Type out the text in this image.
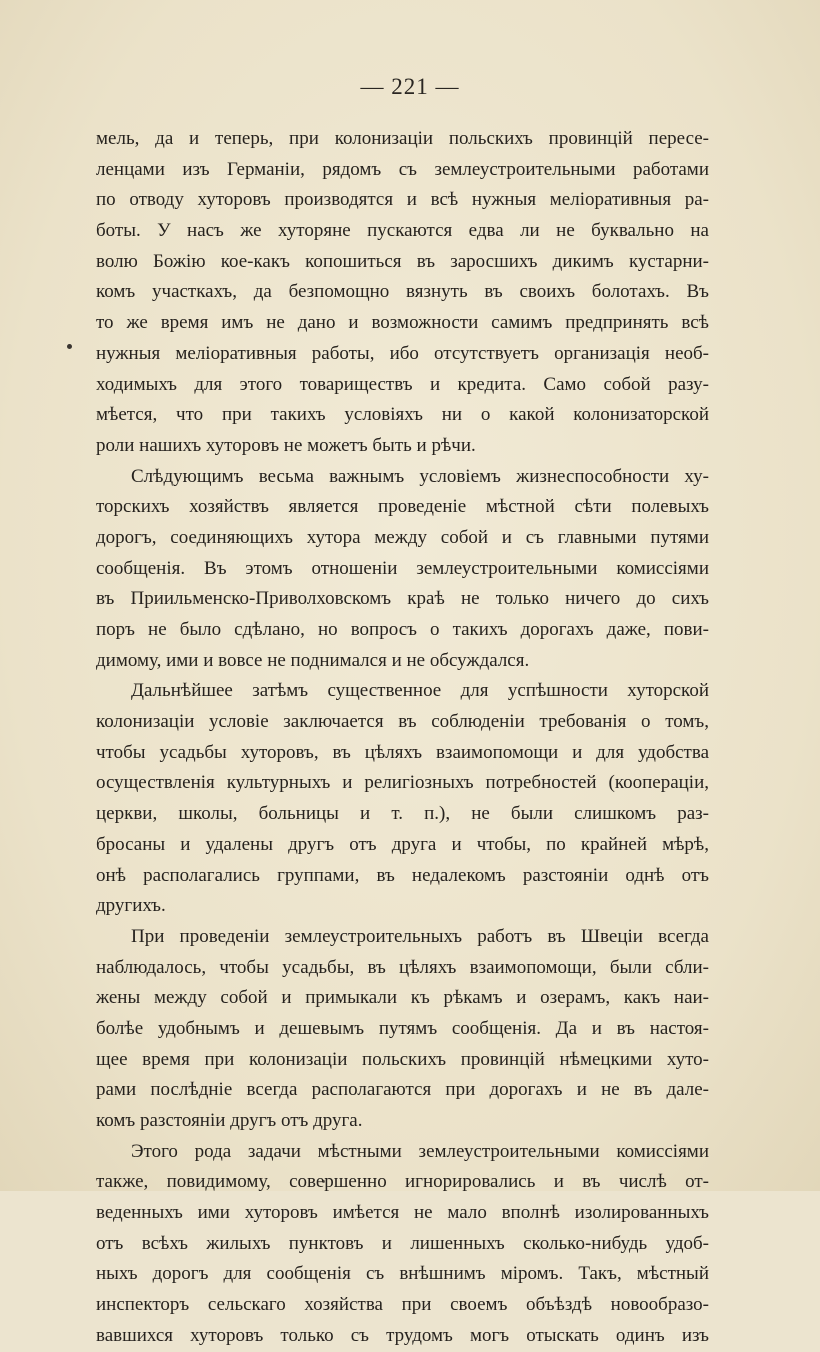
— 221 —
мель, да и теперь, при колонизаціи польскихъ провинцій пересе-
ленцами изъ Германіи, рядомъ съ землеустроительными работами
по отводу хуторовъ производятся и всѣ нужныя меліоративныя ра-
боты. У насъ же хуторяне пускаются едва ли не буквально на
волю Божію кое-какъ копошиться въ заросшихъ дикимъ кустарни-
комъ участкахъ, да безпомощно вязнуть въ своихъ болотахъ. Въ
то же время имъ не дано и возможности самимъ предпринять всѣ
нужныя меліоративныя работы, ибо отсутствуетъ организація необ-
ходимыхъ для этого товариществъ и кредита. Само собой разу-
мѣется, что при такихъ условіяхъ ни о какой колонизаторской
роли нашихъ хуторовъ не можетъ быть и рѣчи.
Слѣдующимъ весьма важнымъ условіемъ жизнеспособности ху-
торскихъ хозяйствъ является проведеніе мѣстной сѣти полевыхъ
дорогъ, соединяющихъ хутора между собой и съ главными путями
сообщенія. Въ этомъ отношеніи землеустроительными комиссіями
въ Приильменско-Приволховскомъ краѣ не только ничего до сихъ
поръ не было сдѣлано, но вопросъ о такихъ дорогахъ даже, пови-
димому, ими и вовсе не поднимался и не обсуждался.
Дальнѣйшее затѣмъ существенное для успѣшности хуторской
колонизаціи условіе заключается въ соблюденіи требованія о томъ,
чтобы усадьбы хуторовъ, въ цѣляхъ взаимопомощи и для удобства
осуществленія культурныхъ и религіозныхъ потребностей (коопераціи,
церкви, школы, больницы и т. п.), не были слишкомъ раз-
бросаны и удалены другъ отъ друга и чтобы, по крайней мѣрѣ,
онѣ располагались группами, въ недалекомъ разстояніи однѣ отъ
другихъ.
При проведеніи землеустроительныхъ работъ въ Швеціи всегда
наблюдалось, чтобы усадьбы, въ цѣляхъ взаимопомощи, были сбли-
жены между собой и примыкали къ рѣкамъ и озерамъ, какъ наи-
болѣе удобнымъ и дешевымъ путямъ сообщенія. Да и въ настоя-
щее время при колонизаціи польскихъ провинцій нѣмецкими хуто-
рами послѣдніе всегда располагаются при дорогахъ и не въ дале-
комъ разстояніи другъ отъ друга.
Этого рода задачи мѣстными землеустроительными комиссіями
также, повидимому, совершенно игнорировались и въ числѣ от-
веденныхъ ими хуторовъ имѣется не мало вполнѣ изолированныхъ
отъ всѣхъ жилыхъ пунктовъ и лишенныхъ сколько-нибудь удоб-
ныхъ дорогъ для сообщенія съ внѣшнимъ міромъ. Такъ, мѣстный
инспекторъ сельскаго хозяйства при своемъ объѣздѣ новообразо-
вавшихся хуторовъ только съ трудомъ могъ отыскать одинъ изъ
